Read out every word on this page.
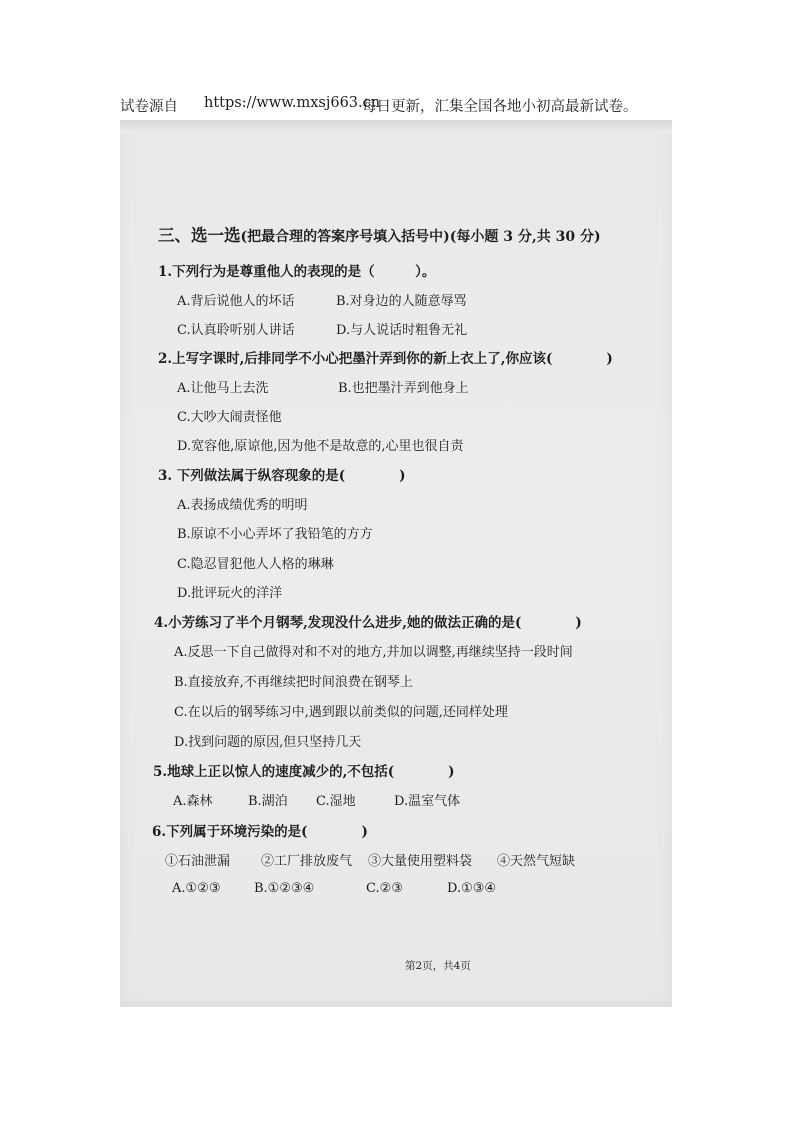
试卷源自 https://www.mxsj663.cn
每日更新，汇集全国各地小初高最新试卷。
三、选一选(把最合理的答案序号填入括号中)(每小题 3 分,共 30 分)
1.下列行为是尊重他人的表现的是（　　　）。
A.背后说他人的坏话	B.对身边的人随意辱骂
C.认真聆听别人讲话	D.与人说话时粗鲁无礼
2.上写字课时,后排同学不小心把墨汁弄到你的新上衣上了,你应该(　　　　)
A.让他马上去洗	B.也把墨汁弄到他身上
C.大吵大闹责怪他
D.宽容他,原谅他,因为他不是故意的,心里也很自责
3. 下列做法属于纵容现象的是(　　　　)
A.表扬成绩优秀的明明
B.原谅不小心弄坏了我铅笔的方方
C.隐忍冒犯他人人格的琳琳
D.批评玩火的洋洋
4.小芳练习了半个月钢琴,发现没什么进步,她的做法正确的是(　　　　)
A.反思一下自己做得对和不对的地方,并加以调整,再继续坚持一段时间
B.直接放弃,不再继续把时间浪费在钢琴上
C.在以后的钢琴练习中,遇到跟以前类似的问题,还同样处理
D.找到问题的原因,但只坚持几天
5.地球上正以惊人的速度减少的,不包括(　　　　)
A.森林	B.湖泊 C.湿地	D.温室气体
6.下列属于环境污染的是(　　　　)
①石油泄漏 ②工厂排放废气 ③大量使用塑料袋 ④天然气短缺
A.①②③	B.①②③④	C.②③	D.①③④
第2页，共4页
